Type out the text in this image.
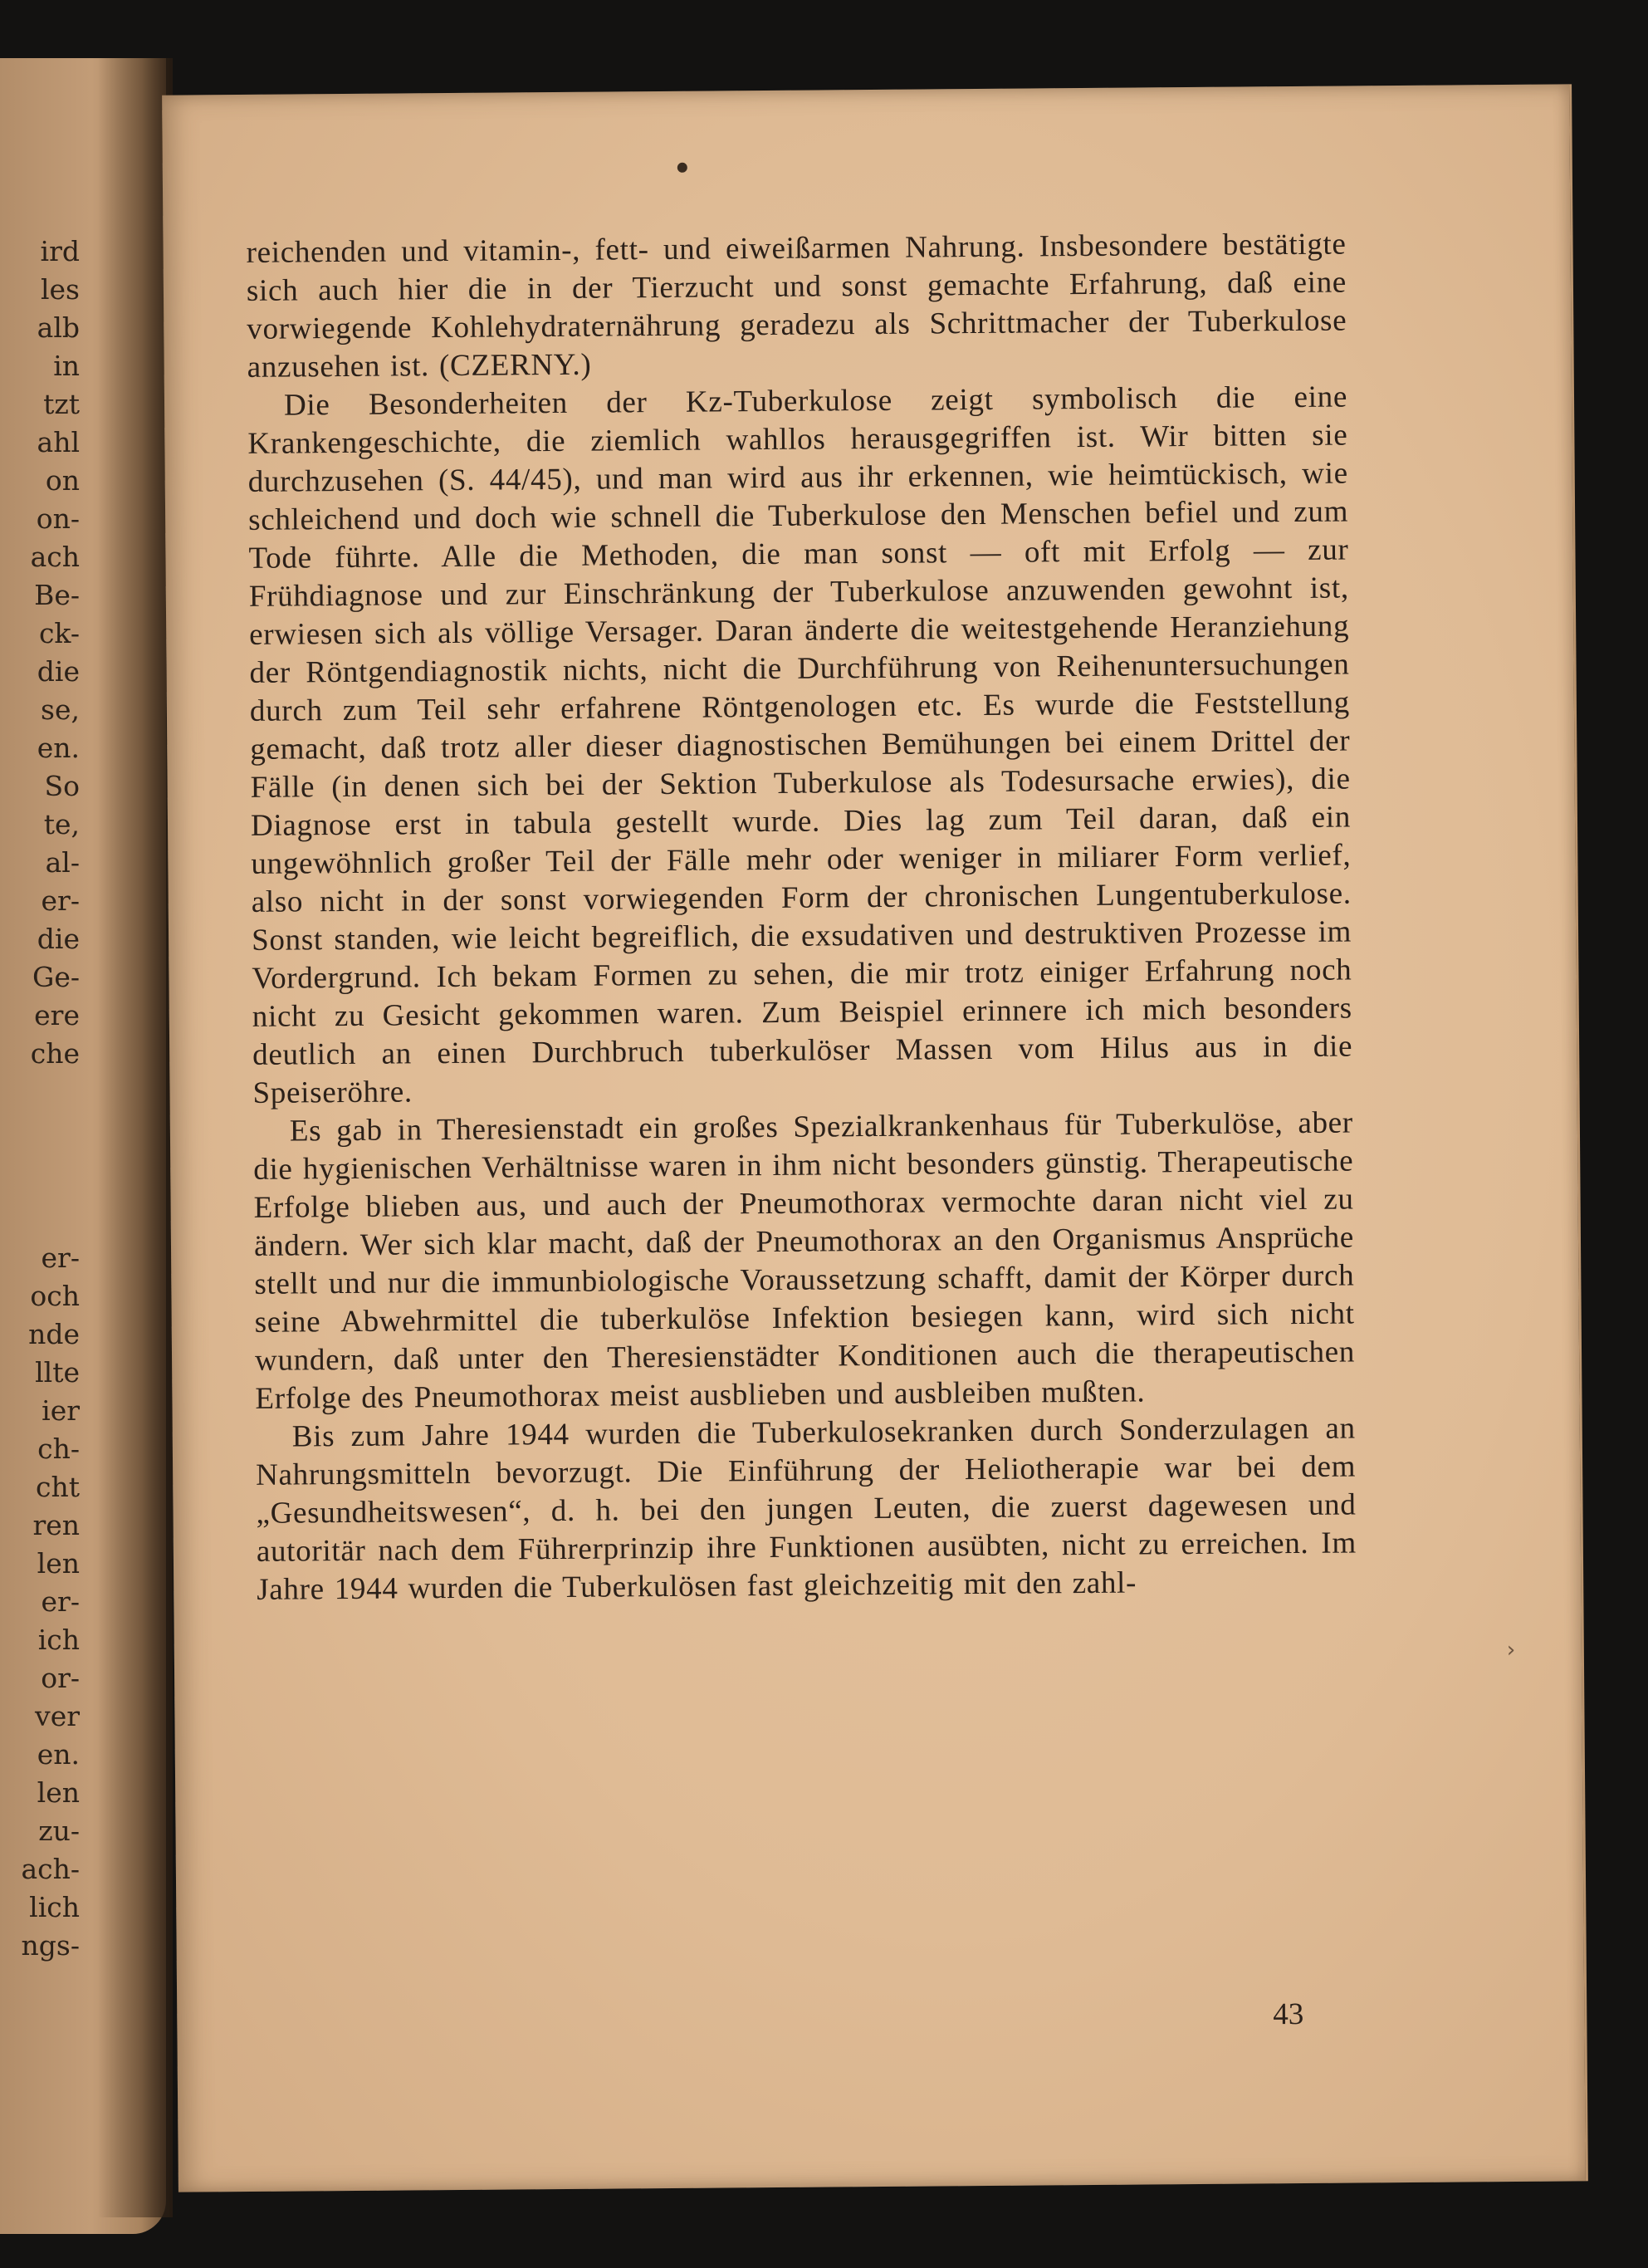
ird
les
alb
in
tzt
ahl
on
on-
ach
Be-
ck-
die
se,
en.
So
te,
al-
er-
die
Ge-
ere
che
er-
och
nde
llte
ier
ch-
cht
ren
len
er-
ich
or-
ver
en.
len
zu-
ach-
lich
ngs-

reichenden und vitamin-, fett- und eiweißarmen Nahrung. Insbesondere bestätigte sich auch hier die in der Tierzucht und sonst gemachte Erfahrung, daß eine vorwiegende Kohlehydraternährung geradezu als Schrittmacher der Tuberkulose anzusehen ist. (CZERNY.)

Die Besonderheiten der Kz-Tuberkulose zeigt symbolisch die eine Krankengeschichte, die ziemlich wahllos herausgegriffen ist. Wir bitten sie durchzusehen (S. 44/45), und man wird aus ihr erkennen, wie heimtückisch, wie schleichend und doch wie schnell die Tuberkulose den Menschen befiel und zum Tode führte. Alle die Methoden, die man sonst — oft mit Erfolg — zur Frühdiagnose und zur Einschränkung der Tuberkulose anzuwenden gewohnt ist, erwiesen sich als völlige Versager. Daran änderte die weitestgehende Heranziehung der Röntgendiagnostik nichts, nicht die Durchführung von Reihenuntersuchungen durch zum Teil sehr erfahrene Röntgenologen etc. Es wurde die Feststellung gemacht, daß trotz aller dieser diagnostischen Bemühungen bei einem Drittel der Fälle (in denen sich bei der Sektion Tuberkulose als Todesursache erwies), die Diagnose erst in tabula gestellt wurde. Dies lag zum Teil daran, daß ein ungewöhnlich großer Teil der Fälle mehr oder weniger in miliarer Form verlief, also nicht in der sonst vorwiegenden Form der chronischen Lungentuberkulose. Sonst standen, wie leicht begreiflich, die exsudativen und destruktiven Prozesse im Vordergrund. Ich bekam Formen zu sehen, die mir trotz einiger Erfahrung noch nicht zu Gesicht gekommen waren. Zum Beispiel erinnere ich mich besonders deutlich an einen Durchbruch tuberkulöser Massen vom Hilus aus in die Speiseröhre.

Es gab in Theresienstadt ein großes Spezialkrankenhaus für Tuberkulöse, aber die hygienischen Verhältnisse waren in ihm nicht besonders günstig. Therapeutische Erfolge blieben aus, und auch der Pneumothorax vermochte daran nicht viel zu ändern. Wer sich klar macht, daß der Pneumothorax an den Organismus Ansprüche stellt und nur die immunbiologische Voraussetzung schafft, damit der Körper durch seine Abwehrmittel die tuberkulöse Infektion besiegen kann, wird sich nicht wundern, daß unter den Theresienstädter Konditionen auch die therapeutischen Erfolge des Pneumothorax meist ausblieben und ausbleiben mußten.

Bis zum Jahre 1944 wurden die Tuberkulosekranken durch Sonderzulagen an Nahrungsmitteln bevorzugt. Die Einführung der Heliotherapie war bei dem „Gesundheitswesen“, d. h. bei den jungen Leuten, die zuerst dagewesen und autoritär nach dem Führerprinzip ihre Funktionen ausübten, nicht zu erreichen. Im Jahre 1944 wurden die Tuberkulösen fast gleichzeitig mit den zahl-

43
›
